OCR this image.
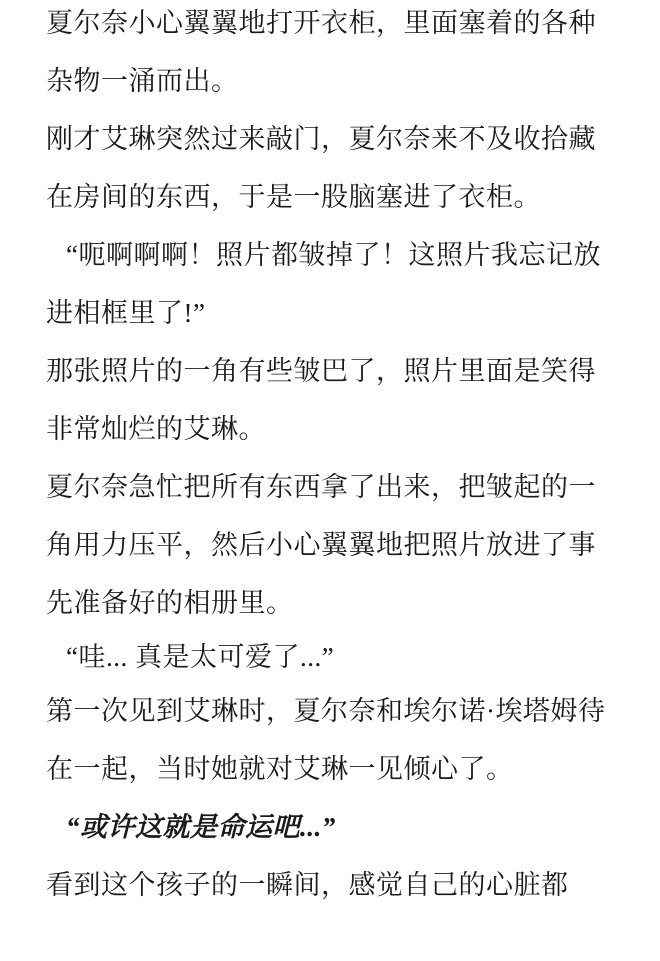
夏尔奈小心翼翼地打开衣柜，里面塞着的各种杂物一涌而出。

刚才艾琳突然过来敲门，夏尔奈来不及收拾藏在房间的东西，于是一股脑塞进了衣柜。

“呃啊啊啊！照片都皱掉了！这照片我忘记放进相框里了!”

那张照片的一角有些皱巴了，照片里面是笑得非常灿烂的艾琳。

夏尔奈急忙把所有东西拿了出来，把皱起的一角用力压平，然后小心翼翼地把照片放进了事先准备好的相册里。

“哇... 真是太可爱了...”

第一次见到艾琳时，夏尔奈和埃尔诺·埃塔姆待在一起，当时她就对艾琳一见倾心了。

“或许这就是命运吧...”

看到这个孩子的一瞬间，感觉自己的心脏都
